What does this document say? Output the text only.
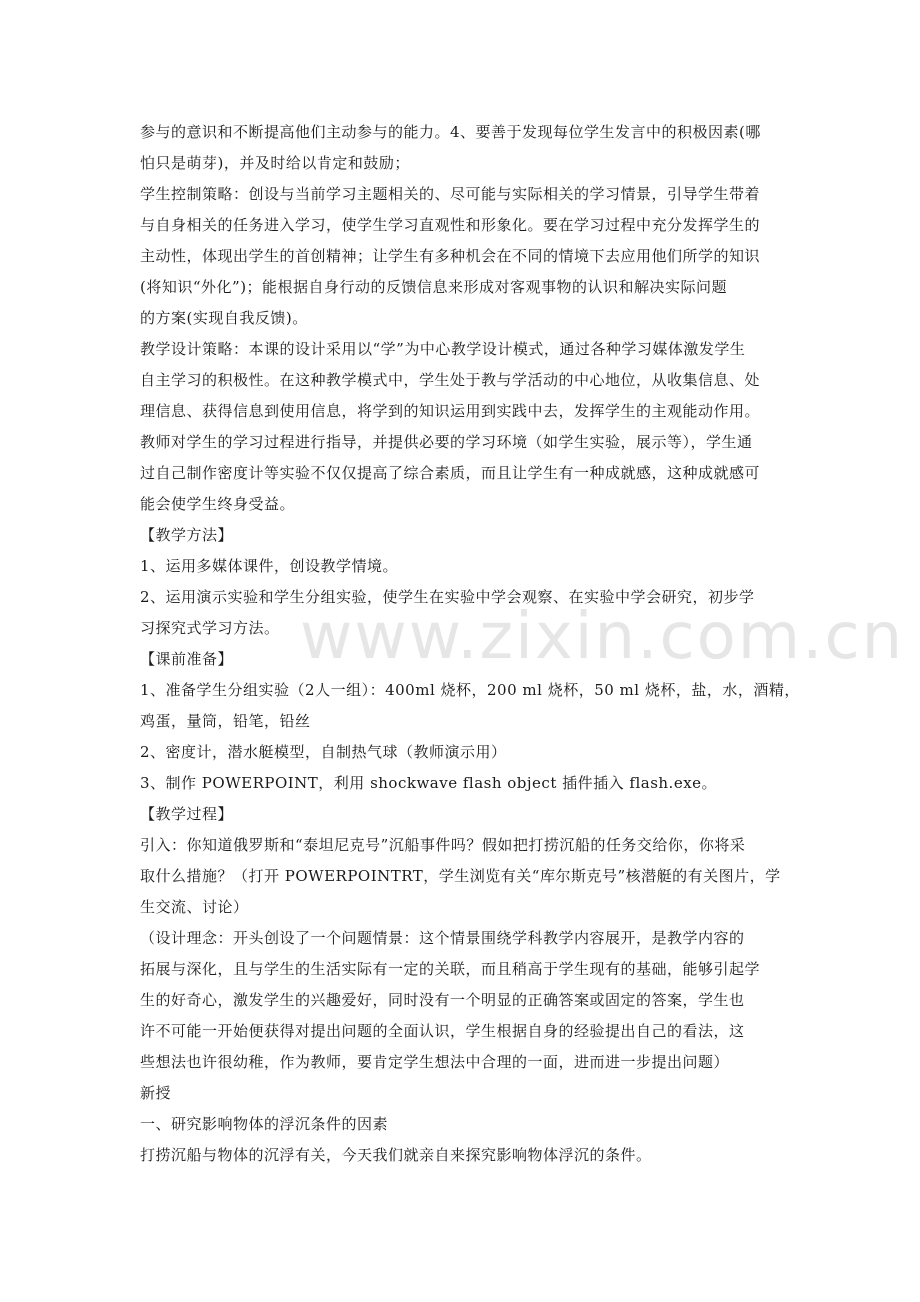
www.zixin.com.cn
参与的意识和不断提高他们主动参与的能力。4、要善于发现每位学生发言中的积极因素(哪
怕只是萌芽)，并及时给以肯定和鼓励；
学生控制策略：创设与当前学习主题相关的、尽可能与实际相关的学习情景，引导学生带着
与自身相关的任务进入学习，使学生学习直观性和形象化。要在学习过程中充分发挥学生的
主动性，体现出学生的首创精神；让学生有多种机会在不同的情境下去应用他们所学的知识
(将知识“外化”)；能根据自身行动的反馈信息来形成对客观事物的认识和解决实际问题
的方案(实现自我反馈)。
教学设计策略：本课的设计采用以“学”为中心教学设计模式，通过各种学习媒体激发学生
自主学习的积极性。在这种教学模式中，学生处于教与学活动的中心地位，从收集信息、处
理信息、获得信息到使用信息，将学到的知识运用到实践中去，发挥学生的主观能动作用。
教师对学生的学习过程进行指导，并提供必要的学习环境（如学生实验，展示等），学生通
过自己制作密度计等实验不仅仅提高了综合素质，而且让学生有一种成就感，这种成就感可
能会使学生终身受益。
【教学方法】
1、运用多媒体课件，创设教学情境。
2、运用演示实验和学生分组实验，使学生在实验中学会观察、在实验中学会研究，初步学
习探究式学习方法。
【课前准备】
1、准备学生分组实验（2人一组）：400ml 烧杯，200 ml 烧杯，50 ml 烧杯，盐，水，酒精，
鸡蛋，量筒，铅笔，铅丝
2、密度计，潜水艇模型，自制热气球（教师演示用）
3、制作 POWERPOINT，利用 shockwave flash object 插件插入 flash.exe。
【教学过程】
引入：你知道俄罗斯和“泰坦尼克号”沉船事件吗？假如把打捞沉船的任务交给你，你将采
取什么措施？（打开 POWERPOINTRT，学生浏览有关“库尔斯克号”核潜艇的有关图片，学
生交流、讨论）
（设计理念：开头创设了一个问题情景：这个情景围绕学科教学内容展开，是教学内容的
拓展与深化，且与学生的生活实际有一定的关联，而且稍高于学生现有的基础，能够引起学
生的好奇心，激发学生的兴趣爱好，同时没有一个明显的正确答案或固定的答案，学生也
许不可能一开始便获得对提出问题的全面认识，学生根据自身的经验提出自己的看法，这
些想法也许很幼稚，作为教师，要肯定学生想法中合理的一面，进而进一步提出问题）
新授
一、研究影响物体的浮沉条件的因素
打捞沉船与物体的沉浮有关，今天我们就亲自来探究影响物体浮沉的条件。
